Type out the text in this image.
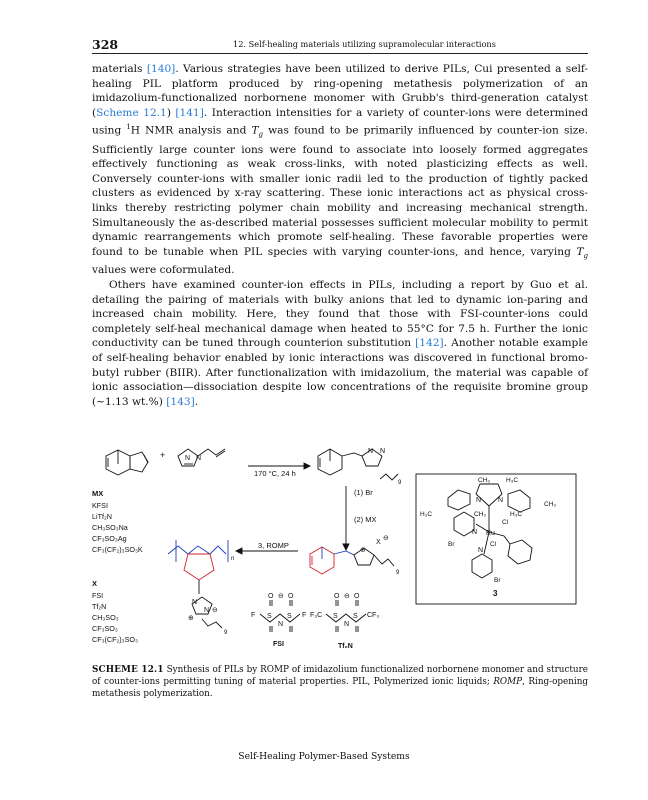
328	12. Self-healing materials utilizing supramolecular interactions

materials [140]. Various strategies have been utilized to derive PILs, Cui presented a self-healing PIL platform produced by ring-opening metathesis polymerization of an imidazolium-functionalized norbornene monomer with Grubb's third-generation catalyst (Scheme 12.1) [141]. Interaction intensities for a variety of counter-ions were determined using $^1$H NMR analysis and $T_g$ was found to be primarily influenced by counter-ion size. Sufficiently large counter ions were found to associate into loosely formed aggregates effectively functioning as weak cross-links, with noted plasticizing effects as well. Conversely counter-ions with smaller ionic radii led to the production of tightly packed clusters as evidenced by x-ray scattering. These ionic interactions act as physical cross-links thereby restricting polymer chain mobility and increasing mechanical strength. Simultaneously the as-described material possesses sufficient molecular mobility to permit dynamic rearrangements which promote self-healing. These favorable properties were found to be tunable when PIL species with varying counter-ions, and hence, varying $T_g$ values were coformulated.

Others have examined counter-ion effects in PILs, including a report by Guo et al. detailing the pairing of materials with bulky anions that led to dynamic ion-paring and increased chain mobility. Here, they found that those with FSI-counter-ions could completely self-heal mechanical damage when heated to 55°C for 7.5 h. Further the ionic conductivity can be tuned through counterion substitution [142]. Another notable example of self-healing behavior enabled by ionic interactions was discovered in functional bromo-butyl rubber (BIIR). After functionalization with imidazolium, the material was capable of ionic association—dissociation despite low concentrations of the requisite bromine group (∼1.13 wt.%) [143].

+	N N
170 °C, 24 h
N N
(1) Br
9
(2) MX
3, ROMP	X
⊖
⊕
9
n
N
N ⊖
⊕
9
MX
KFSI
LiTf₂N
CH₃SO₃Na
CF₃SO₃Ag
CF₃(CF₂)₃SO₃K
X
FSI
Tf₂N
CH₃SO₃
CF₃SO₃
CF₃(CF₂)₃SO₃
F S
N
S F
O O
⊖
FSI
F₃C S
N
S CF₃
O O
⊖
Tf₂N
H₃C
CH₃ H₃C
CH₃	H₃C
CH₃
N N
N Ru
Cl
Cl
N
Br
Br
3
SCHEME 12.1 Synthesis of PILs by ROMP of imidazolium functionalized norbornene monomer and structure of counter-ions permitting tuning of material properties. PIL, Polymerized ionic liquids; ROMP, Ring-opening metathesis polymerization.
Self-Healing Polymer-Based Systems
